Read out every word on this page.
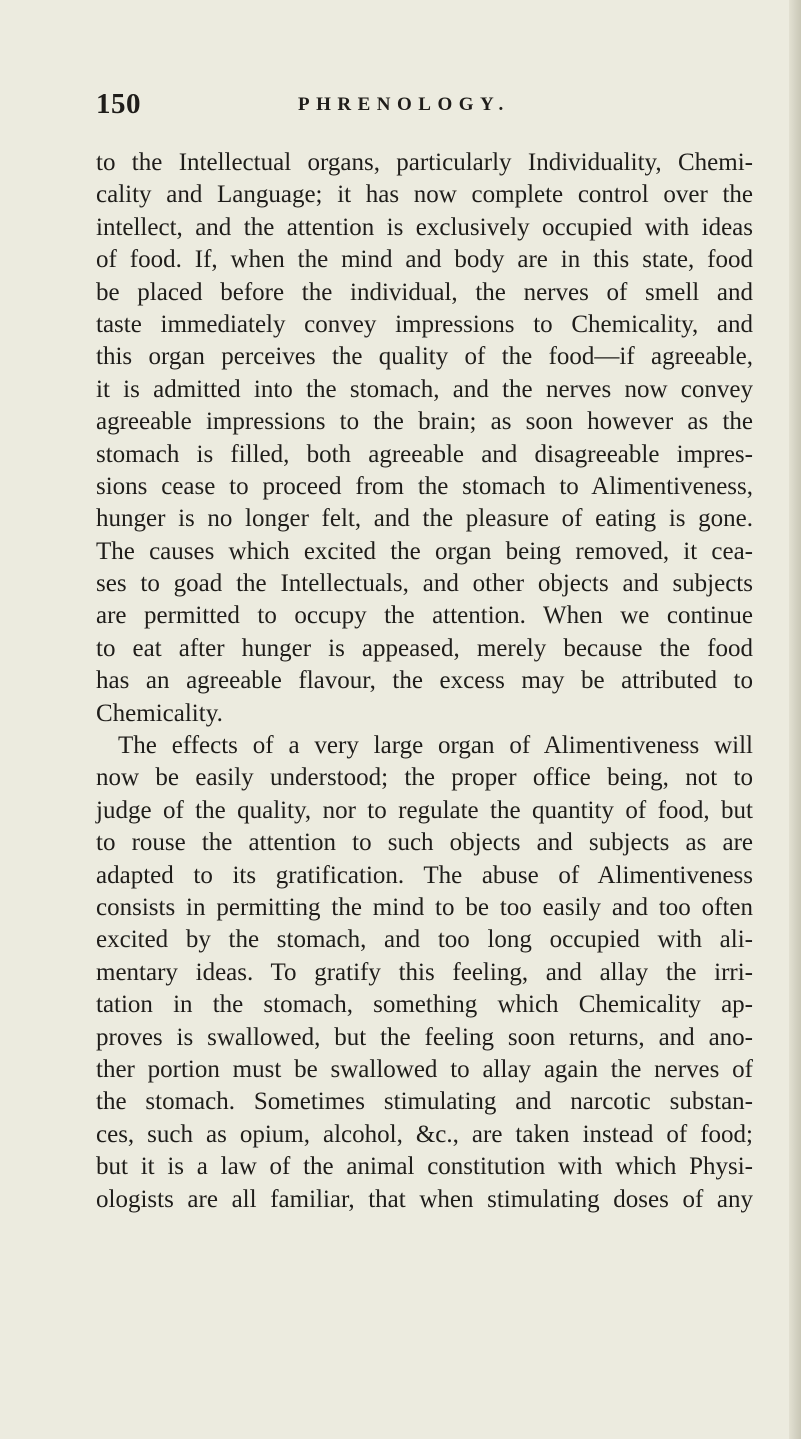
150	PHRENOLOGY.
to the Intellectual organs, particularly Individuality, Chemi-
cality and Language; it has now complete control over the
intellect, and the attention is exclusively occupied with ideas
of food. If, when the mind and body are in this state, food
be placed before the individual, the nerves of smell and
taste immediately convey impressions to Chemicality, and
this organ perceives the quality of the food—if agreeable,
it is admitted into the stomach, and the nerves now convey
agreeable impressions to the brain; as soon however as the
stomach is filled, both agreeable and disagreeable impres-
sions cease to proceed from the stomach to Alimentiveness,
hunger is no longer felt, and the pleasure of eating is gone.
The causes which excited the organ being removed, it cea-
ses to goad the Intellectuals, and other objects and subjects
are permitted to occupy the attention. When we continue
to eat after hunger is appeased, merely because the food
has an agreeable flavour, the excess may be attributed to
Chemicality.
The effects of a very large organ of Alimentiveness will
now be easily understood; the proper office being, not to
judge of the quality, nor to regulate the quantity of food, but
to rouse the attention to such objects and subjects as are
adapted to its gratification. The abuse of Alimentiveness
consists in permitting the mind to be too easily and too often
excited by the stomach, and too long occupied with ali-
mentary ideas. To gratify this feeling, and allay the irri-
tation in the stomach, something which Chemicality ap-
proves is swallowed, but the feeling soon returns, and ano-
ther portion must be swallowed to allay again the nerves of
the stomach. Sometimes stimulating and narcotic substan-
ces, such as opium, alcohol, &c., are taken instead of food;
but it is a law of the animal constitution with which Physi-
ologists are all familiar, that when stimulating doses of any
